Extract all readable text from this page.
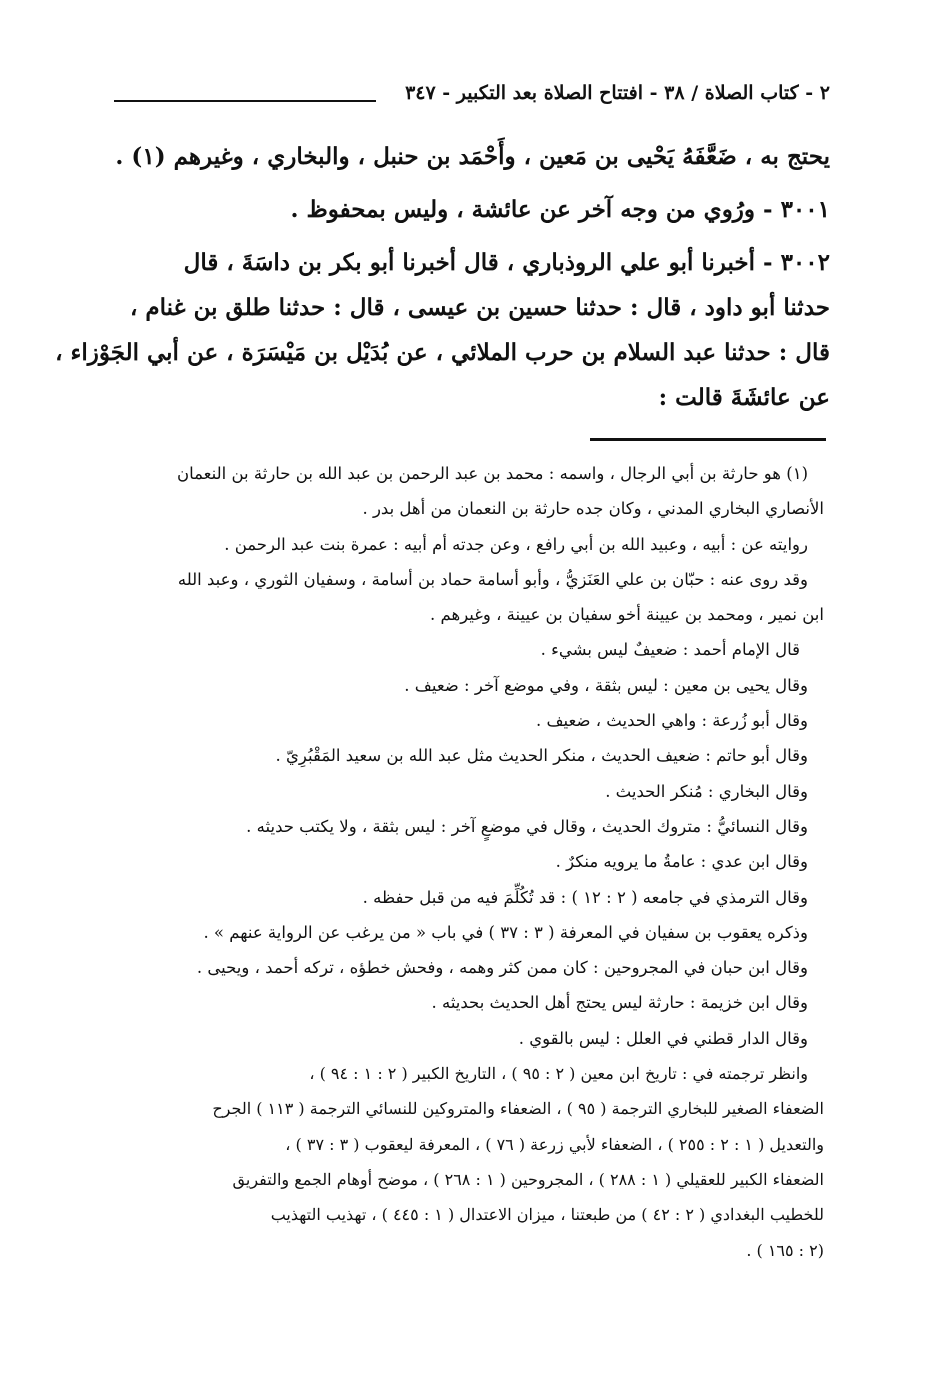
٢ - كتاب الصلاة / ٣٨ - افتتاح الصلاة بعد التكبير - ٣٤٧

يحتج به ، ضَعَّفَهُ يَحْيى بن مَعين ، وأَحْمَد بن حنبل ، والبخاري ، وغيرهم (١) .

٣٠٠١ - ورُوي من وجه آخر عن عائشة ، وليس بمحفوظ .

٣٠٠٢ - أخبرنا أبو علي الروذباري ، قال أخبرنا أبو بكر بن داسَةَ ، قال

حدثنا أبو داود ، قال : حدثنا حسين بن عيسى ، قال : حدثنا طلق بن غنام ،

قال : حدثنا عبد السلام بن حرب الملائي ، عن بُدَيْل بن مَيْسَرَة ، عن أبي الجَوْزاء ،

عن عائشَةَ قالت :

(١) هو حارثة بن أبي الرجال ، واسمه : محمد بن عبد الرحمن بن عبد الله بن حارثة بن النعمان

الأنصاري البخاري المدني ، وكان جده حارثة بن النعمان من أهل بدر .

روايته عن : أبيه ، وعبيد الله بن أبي رافع ، وعن جدته أم أبيه : عمرة بنت عبد الرحمن .

وقد روى عنه : حبّان بن علي العَنَزيُّ ، وأبو أسامة حماد بن أسامة ، وسفيان الثوري ، وعبد الله

ابن نمير ، ومحمد بن عيينة أخو سفيان بن عيينة ، وغيرهم .

قال الإمام أحمد : ضعيفٌ ليس بشيء .

وقال يحيى بن معين : ليس بثقة ، وفي موضع آخر : ضعيف .

وقال أبو زُرعة : واهي الحديث ، ضعيف .

وقال أبو حاتم : ضعيف الحديث ، منكر الحديث مثل عبد الله بن سعيد المَقْبُرِيّ .

وقال البخاري : مُنكر الحديث .

وقال النسائيُّ : متروك الحديث ، وقال في موضعٍ آخر : ليس بثقة ، ولا يكتب حديثه .

وقال ابن عدي : عامةُ ما يرويه منكرٌ .

وقال الترمذي في جامعه ( ٢ : ١٢ ) : قد تُكُلِّمَ فيه من قبل حفظه .

وذكره يعقوب بن سفيان في المعرفة ( ٣ : ٣٧ ) في باب « من يرغب عن الرواية عنهم » .

وقال ابن حبان في المجروحين : كان ممن كثر وهمه ، وفحش خطؤه ، تركه أحمد ، ويحيى .

وقال ابن خزيمة : حارثة ليس يحتج أهل الحديث بحديثه .

وقال الدار قطني في العلل : ليس بالقوي .

وانظر ترجمته في : تاريخ ابن معين ( ٢ : ٩٥ ) ، التاريخ الكبير ( ٢ : ١ : ٩٤ ) ،

الضعفاء الصغير للبخاري الترجمة ( ٩٥ ) ، الضعفاء والمتروكين للنسائي الترجمة ( ١١٣ ) الجرح

والتعديل ( ١ : ٢ : ٢٥٥ ) ، الضعفاء لأبي زرعة ( ٧٦ ) ، المعرفة ليعقوب ( ٣ : ٣٧ ) ،

الضعفاء الكبير للعقيلي ( ١ : ٢٨٨ ) ، المجروحين ( ١ : ٢٦٨ ) ، موضح أوهام الجمع والتفريق

للخطيب البغدادي ( ٢ : ٤٢ ) من طبعتنا ، ميزان الاعتدال ( ١ : ٤٤٥ ) ، تهذيب التهذيب

(٢ : ١٦٥ ) .
